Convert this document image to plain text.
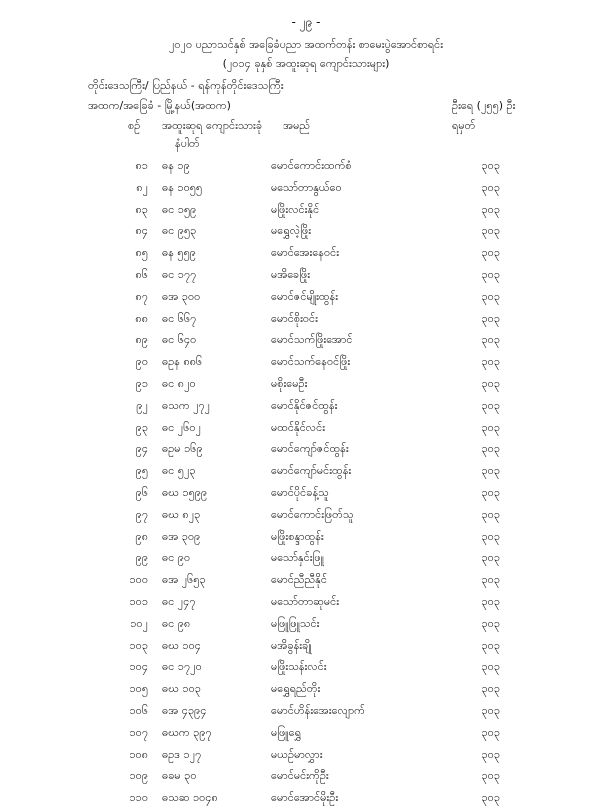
- ၂၉ -
၂၀၂၀ ပညာသင်နှစ် အခြေခံပညာ အထက်တန်း စာမေးပွဲအောင်စာရင်း
(၂၀၁၄ ခုနှစ် အထူးဆုရ ကျောင်းသားများ)
တိုင်းဒေသကြီး/ ပြည်နယ် - ရန်ကုန်တိုင်းဒေသကြီး
အထက/အခြေခံ - မြို့နယ်(အထက)	ဦးရေ (၂၅၅) ဦး
စဉ် အထူးဆုရ ကျောင်းသားခုံ
နံပါတ်
အမည်	ရမှတ်
၈၁ ဓန ၁၉	မောင်ကောင်းထက်စံ	၃၀၃
၈၂ ဓန ၁၀၅၅	မသော်တာနွယ်ဝေ	၃၀၃
၈၃ ဓင ၁၅၉	မဖြိုးလင်းနိုင်	၃၀၃
၈၄ ဓင ၉၅၃	မရွှေလဲ့ဖြိုး	၃၀၃
၈၅ ဓန ၅၅၉	မောင်အေးနေဝင်း	၃၀၃
၈၆ ဓင ၁၇၇	မအိခေဖြိုး	၃၀၃
၈၇ ဓအ ၃၀၀	မောင်ဇင်မျိုးထွန်း	၃၀၃
၈၈ ဓင ၆၆၇	မောင်စိုးဝင်း	၃၀၃
၈၉ ဓင ၆၄၀	မောင်သက်ဖြိုးအောင်	၃၀၃
၉၀ ဓဥန ၈၈၆	မောင်သက်နေဝင်ဖြိုး	၃၀၃
၉၁ ဓင ၈၂၀	မစိုးမေဦး	၃၀၃
၉၂ ဓသက ၂၇၂	မောင်နိုင်ဇင်ထွန်း	၃၀၃
၉၃ ဓင ၂၆၀၂	မထင်နိုင်လင်း	၃၀၃
၉၄ ဓဥမ ၁၆၉	မောင်ကျော်ဇင်ထွန်း	၃၀၃
၉၅ ဓင ၅၂၃	မောင်ကျော်မင်းထွန်း	၃၀၃
၉၆ ဓဃ ၁၅၉၉	မောင်ပိုင်ခန့်သူ	၃၀၃
၉၇ ဓဃ ၈၂၃	မောင်ကောင်းဖြတ်သူ	၃၀၃
၉၈ ဓအ ၃၀၉	မဖြိုးစန္ဒာထွန်း	၃၀၃
၉၉ ဓင ၉၀	မသော်နှင်းဖြူ	၃၀၃
၁၀၀ ဓအ ၂၆၅၃	မောင်ညီညီနိုင်	၃၀၃
၁၀၁ ဓင ၂၄၇	မသော်တာဆုမင်း	၃၀၃
၁၀၂ ဓင ၉၈	မဖြူဖြူသင်း	၃၀၃
၁၀၃ ဓဃ ၁၀၄	မအိခွန်းချို	၃၀၃
၁၀၄ ဓင ၁၇၂၀	မဖြိုးသန်းလင်း	၃၀၃
၁၀၅ ဓဃ ၁၀၃	မရွှေရည်တိုး	၃၀၃
၁၀၆ ဓအ ၄၃၉၄	မောင်ဟိန်းအေးလျောက်	၃၀၃
၁၀၇ ဓဃက ၃၉၇	မဖြူရွှေ	၃၀၃
၁၀၈ ဓဥဒ ၁၂၇	မယဉ်မာလွှား	၃၀၃
၁၀၉ ဓခမ ၃၀	မောင်မင်းကိုဦး	၃၀၃
၁၁၀ ဓသဆ ၁၀၄၈	မောင်အောင်မိုးဦး	၃၀၃
